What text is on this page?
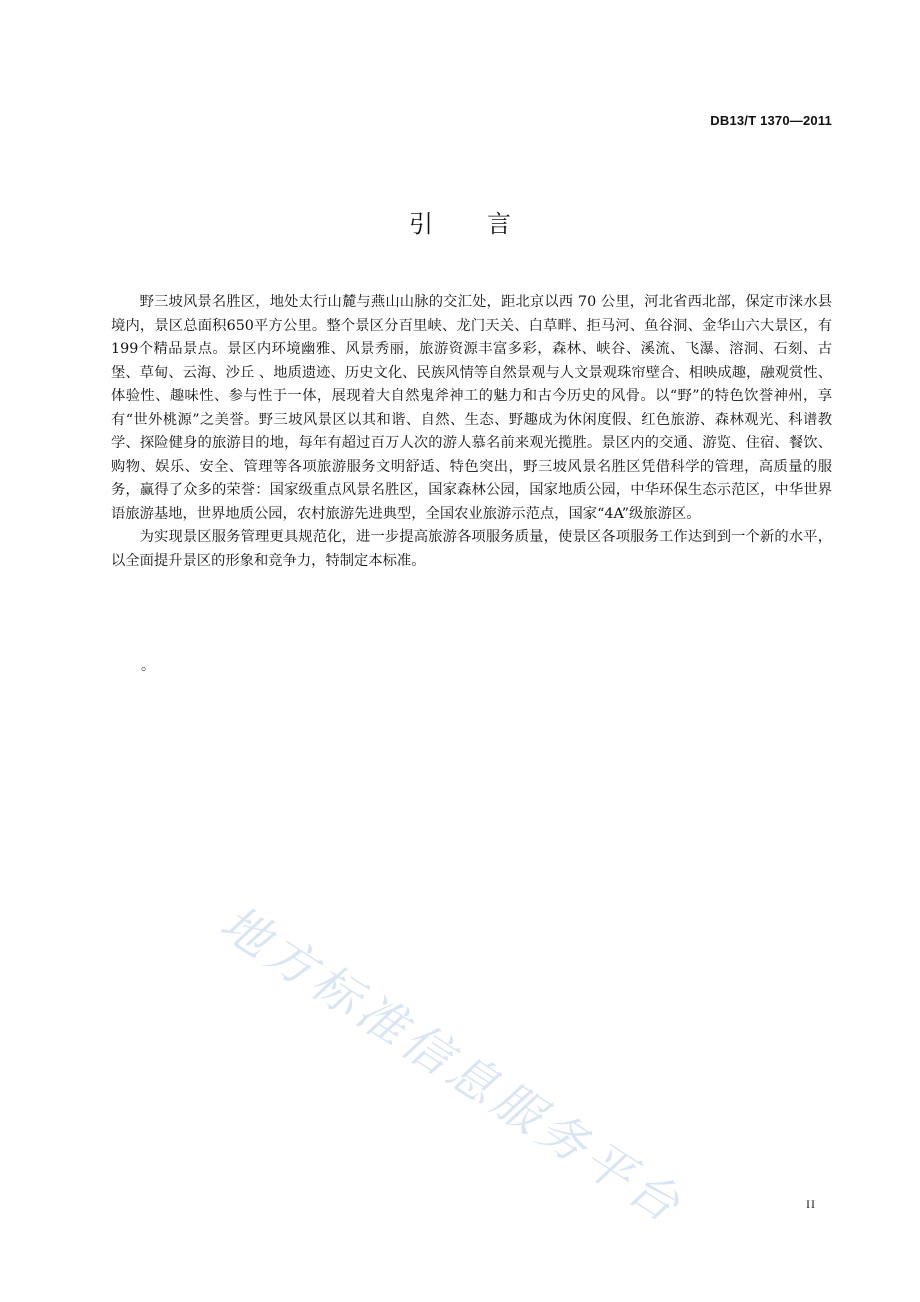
DB13/T 1370—2011
引 言

野三坡风景名胜区，地处太行山麓与燕山山脉的交汇处，距北京以西 70 公里，河北省西北部，保定市涞水县境内，景区总面积650平方公里。整个景区分百里峡、龙门天关、白草畔、拒马河、鱼谷洞、金华山六大景区，有199个精品景点。景区内环境幽雅、风景秀丽，旅游资源丰富多彩，森林、峡谷、溪流、飞瀑、溶洞、石刻、古堡、草甸、云海、沙丘 、地质遗迹、历史文化、民族风情等自然景观与人文景观珠帘壁合、相映成趣，融观赏性、体验性、趣味性、参与性于一体，展现着大自然鬼斧神工的魅力和古今历史的风骨。以“野”的特色饮誉神州，享有“世外桃源”之美誉。野三坡风景区以其和谐、自然、生态、野趣成为休闲度假、红色旅游、森林观光、科谱教学、探险健身的旅游目的地，每年有超过百万人次的游人慕名前来观光揽胜。景区内的交通、游览、住宿、餐饮、购物、娱乐、安全、管理等各项旅游服务文明舒适、特色突出，野三坡风景名胜区凭借科学的管理，高质量的服务，赢得了众多的荣誉：国家级重点风景名胜区，国家森林公园，国家地质公园，中华环保生态示范区，中华世界语旅游基地，世界地质公园，农村旅游先进典型，全国农业旅游示范点，国家“4A”级旅游区。

为实现景区服务管理更具规范化，进一步提高旅游各项服务质量，使景区各项服务工作达到到一个新的水平，以全面提升景区的形象和竞争力，特制定本标准。

。
地方标准信息服务平台	II
